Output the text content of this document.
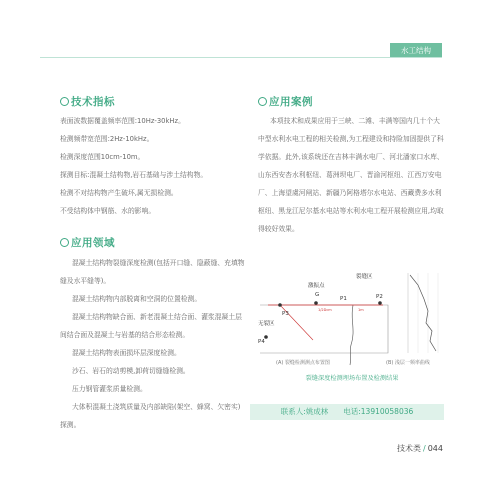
水工结构
技术指标

表面波数据覆盖频率范围:10Hz-30kHz。

检测频带宽范围:2Hz-10kHz。

检测深度范围10cm-10m。

探测目标:混凝土结构物,岩石基础与涉土结构物。

检测不对结构物产生破坏,属无损检测。

不受结构体中钢筋、水的影响。

应用案例

本项技术和成果应用于三峡、二滩、丰满等国内几十个大中型水利水电工程的相关检测,为工程建设和持险加固提供了科学依据。此外,该系统还在吉林丰满水电厂、河北潘家口水库、山东西安杏水利枢纽、葛洲坝电厂、晋渝河枢纽、江西万安电厂、上海望虞河闸站、新疆乃阿格塔尔水电站、西藏费多水利枢纽、黑龙江尼尔基水电站等水利水电工程开展检测应用,均取得较好效果。

应用领域

混凝土结构物裂缝深度检测(包括开口缝、隐蔽缝、充填物缝及水平缝等)。

混凝土结构物内部脱离和空洞的位置检测。

混凝土结构物缺合面、新老混凝土结合面、灌浆混凝土层间结合面及混凝土与岩基的结合形态检测。

混凝土结构物表面损坏层深度检测。

沙石、岩石的动剪模,卸荷切缝缝检测。

压力钢管灌浆质量检测。

大体积混凝土浇筑质量及内部缺陷(架空、蜂窝、欠密实)探测。

裂缝区
激振点
G
P1	P2
P3
无裂区
P4
1/2Dcm	1m
(A) 裂缝检测测点布置图	(B) 浅层一频率曲线
裂缝深度检测埋场布置及检测结果
联系人:姚成林　　电话:13910058036
技术类 / 044
